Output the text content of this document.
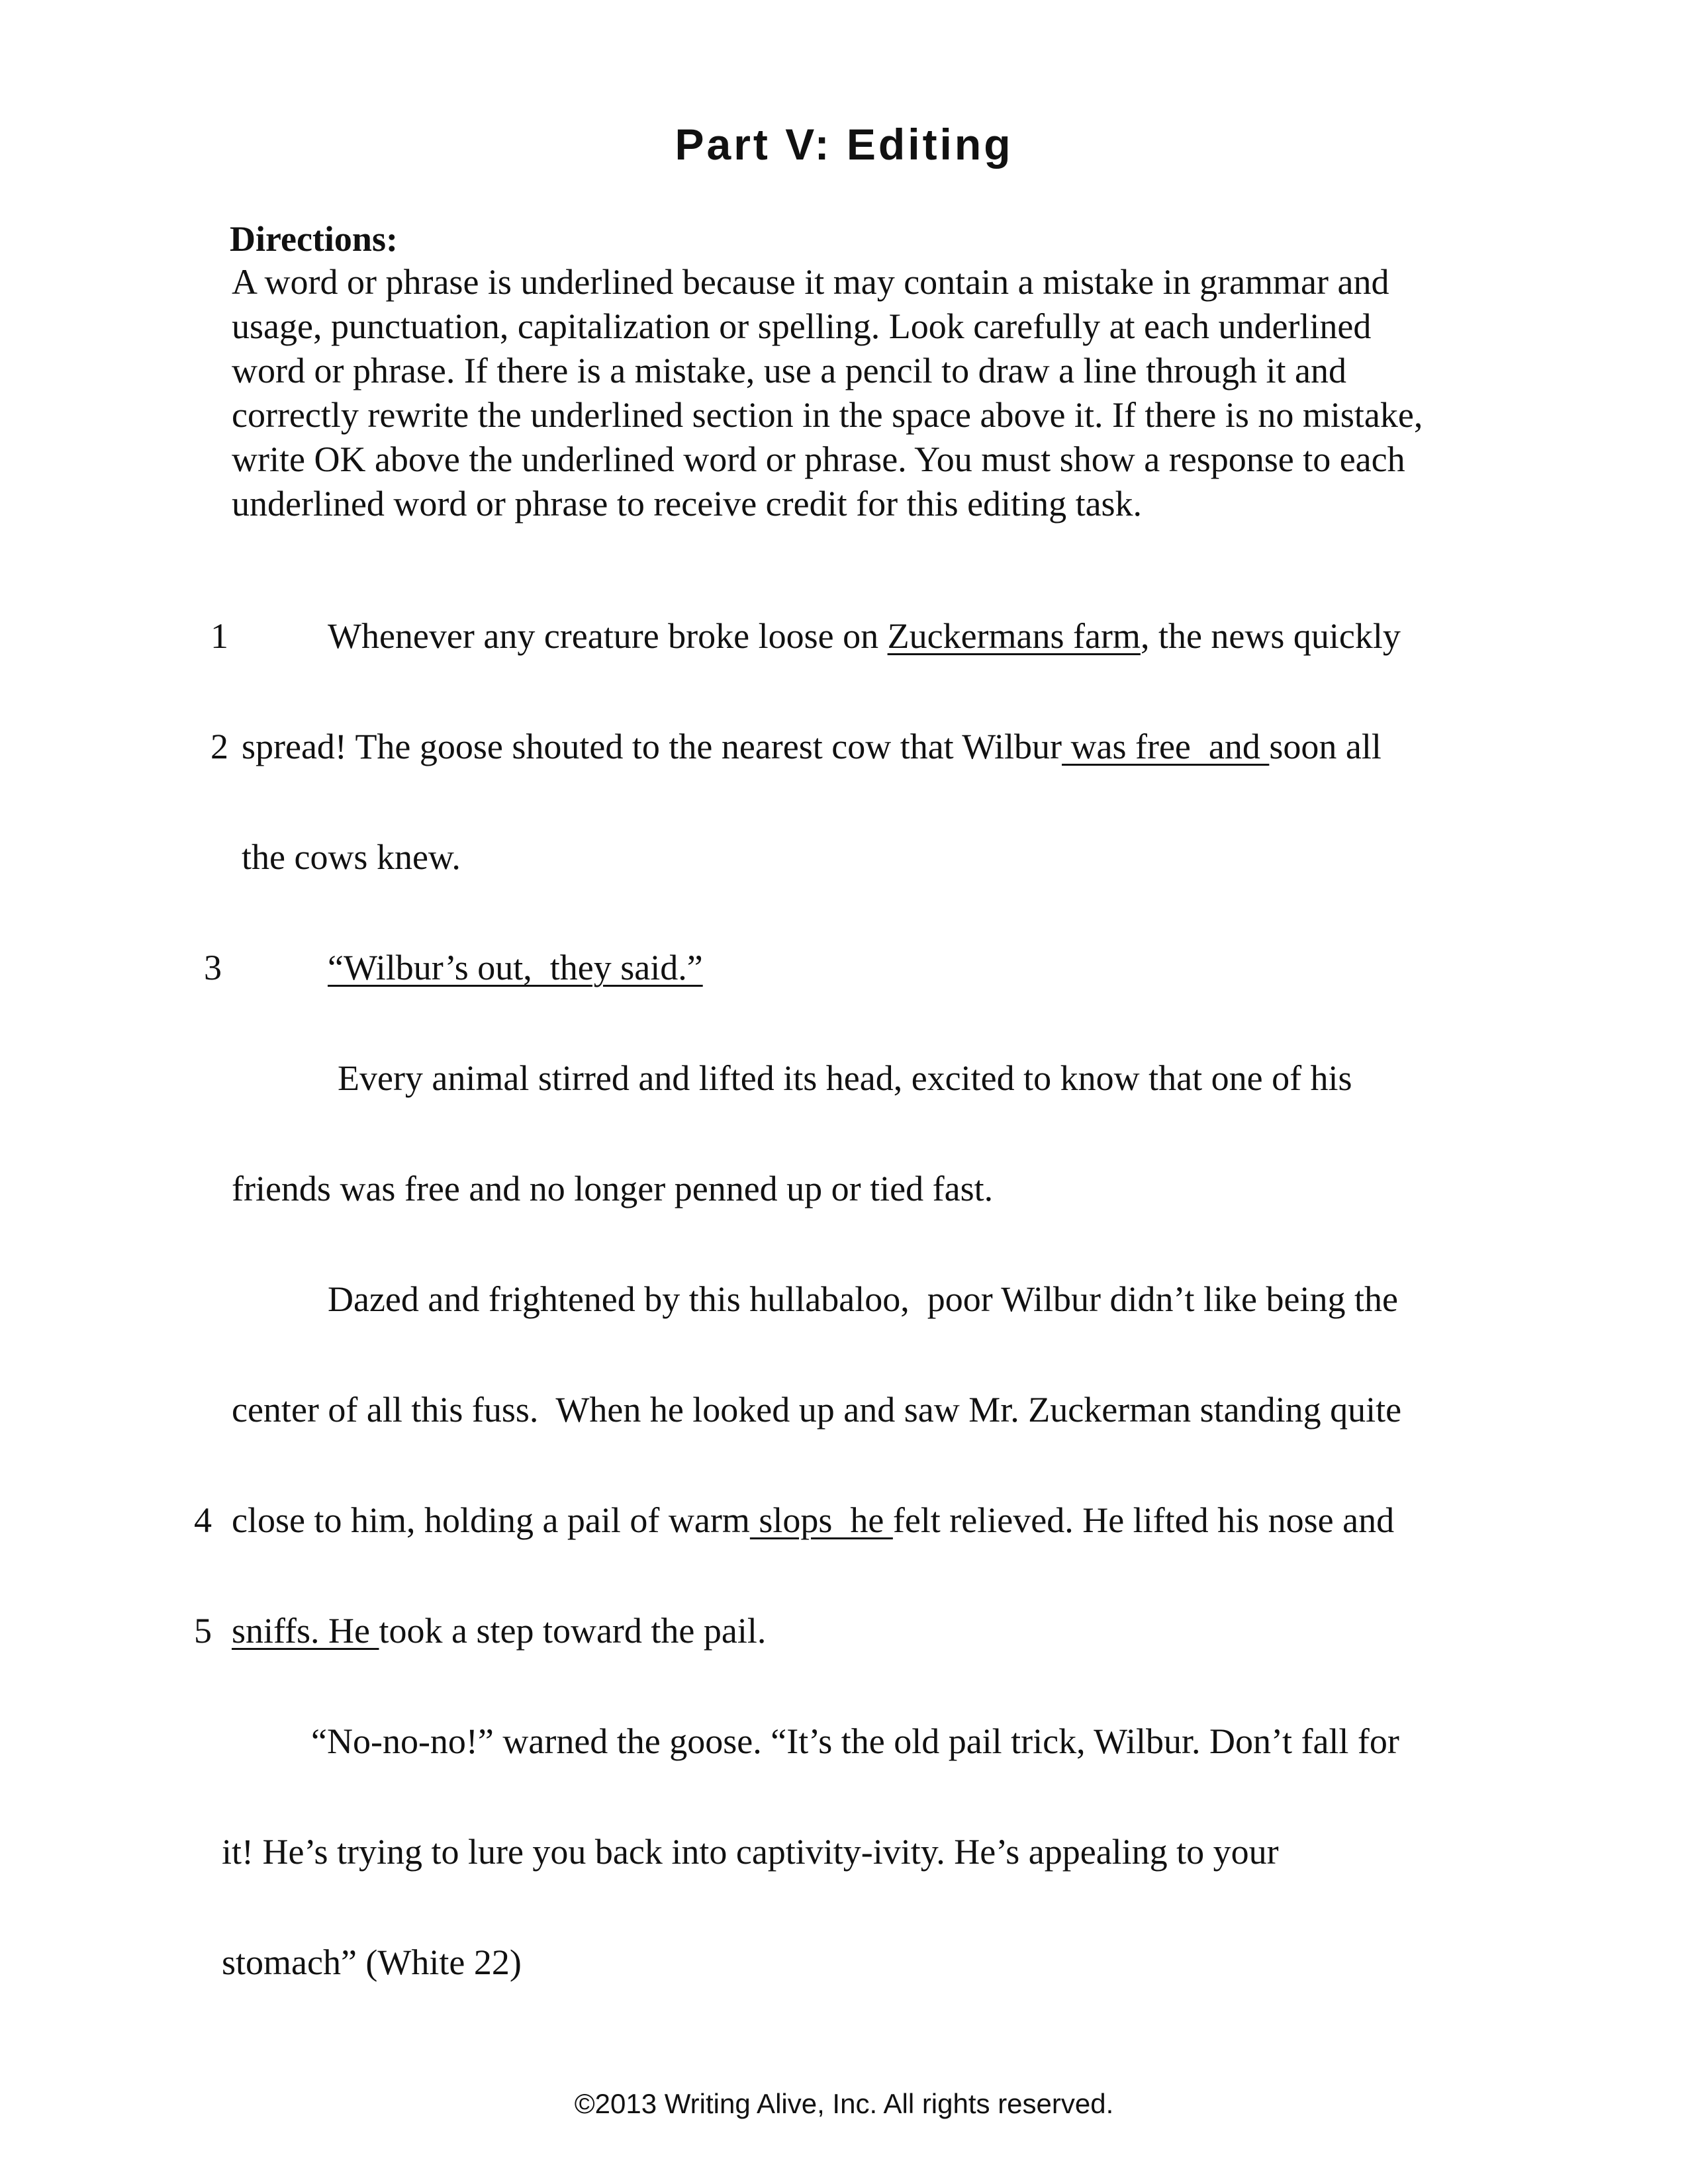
Part V: Editing
Directions:
A word or phrase is underlined because it may contain a mistake in grammar and
usage, punctuation, capitalization or spelling. Look carefully at each underlined
word or phrase. If there is a mistake, use a pencil to draw a line through it and
correctly rewrite the underlined section in the space above it. If there is no mistake,
write OK above the underlined word or phrase. You must show a response to each
underlined word or phrase to receive credit for this editing task.
1	Whenever any creature broke loose on Zuckermans farm, the news quickly
2 spread! The goose shouted to the nearest cow that Wilbur was free  and soon all
the cows knew.
3	“Wilbur’s out,  they said.”
Every animal stirred and lifted its head, excited to know that one of his
friends was free and no longer penned up or tied fast.
Dazed and frightened by this hullabaloo,  poor Wilbur didn’t like being the
center of all this fuss.  When he looked up and saw Mr. Zuckerman standing quite
4 close to him, holding a pail of warm slops  he felt relieved. He lifted his nose and
5 sniffs. He took a step toward the pail.
“No-no-no!” warned the goose. “It’s the old pail trick, Wilbur. Don’t fall for
it! He’s trying to lure you back into captivity-ivity. He’s appealing to your
stomach” (White 22)
©2013 Writing Alive, Inc. All rights reserved.
